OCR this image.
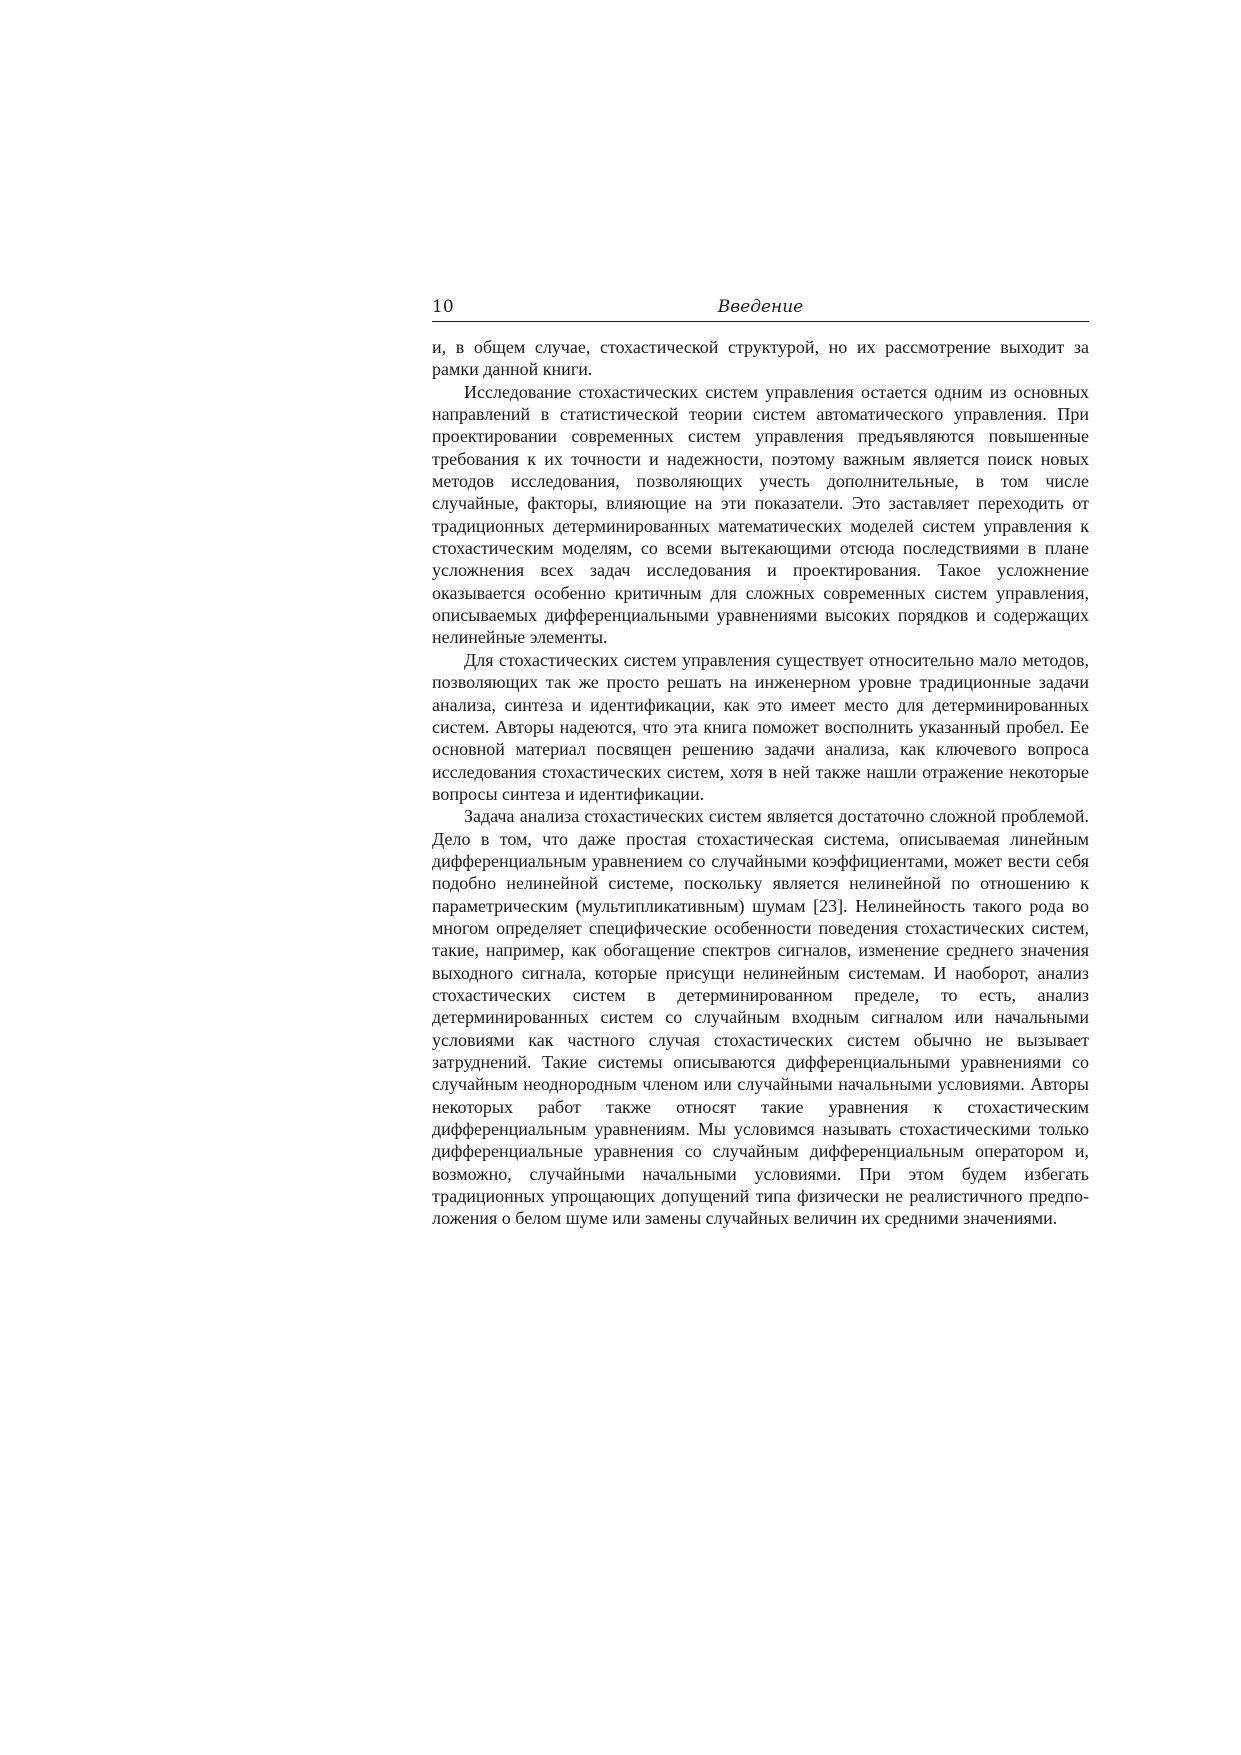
10	Введение

и, в общем случае, стохастической структурой, но их рассмотрение выходит за рамки данной книги.

Исследование стохастических систем управления остается одним из основных направлений в статистической теории систем автоматического управления. При проектировании современных систем управления предъявляются повышенные требования к их точности и надежности, поэтому важным является поиск новых методов исследования, позволяющих учесть дополнительные, в том числе случайные, факторы, влияющие на эти показатели. Это заставляет переходить от традиционных детерминированных математических моделей систем управления к стохастическим моделям, со всеми вытекающими отсюда последствиями в плане усложнения всех задач исследования и проектирования. Такое усложнение оказывается особенно критичным для сложных современных систем управления, описываемых дифференциальными уравнениями высоких порядков и содержащих нелинейные элементы.

Для стохастических систем управления существует относительно мало методов, позволяющих так же просто решать на инженерном уровне традиционные задачи анализа, синтеза и идентификации, как это имеет место для детерминированных систем. Авторы надеются, что эта книга поможет восполнить указанный пробел. Ее основной материал посвящен решению задачи анализа, как ключевого вопроса исследования стохастических систем, хотя в ней также нашли отражение некоторые вопросы синтеза и идентификации.

Задача анализа стохастических систем является достаточно сложной проблемой. Дело в том, что даже простая стохастическая система, описываемая линейным дифференциальным уравнением со случайными коэффициентами, может вести себя подобно нелинейной системе, поскольку является нелинейной по отношению к параметрическим (мультипликативным) шумам [23]. Нелинейность такого рода во многом определяет специфические особенности поведения стохастических систем, такие, например, как обогащение спектров сигналов, изменение среднего значения выходного сигнала, которые присущи нелинейным системам. И наоборот, анализ стохастических систем в детерминированном пределе, то есть, анализ детерминированных систем со случайным входным сигналом или начальными условиями как частного случая стохастических систем обычно не вызывает затруднений. Такие системы описываются дифференциальными уравнениями со случайным неоднородным членом или случайными начальными условиями. Авторы некоторых работ также относят такие уравнения к стохастическим дифференциальным уравнениям. Мы условимся называть стохастическими только дифференциальные уравнения со случайным дифференциальным оператором и, возможно, случайными начальными условиями. При этом будем избегать традиционных упрощающих допущений типа физически не реалистичного предположения о белом шуме или замены случайных величин их средними значениями.
